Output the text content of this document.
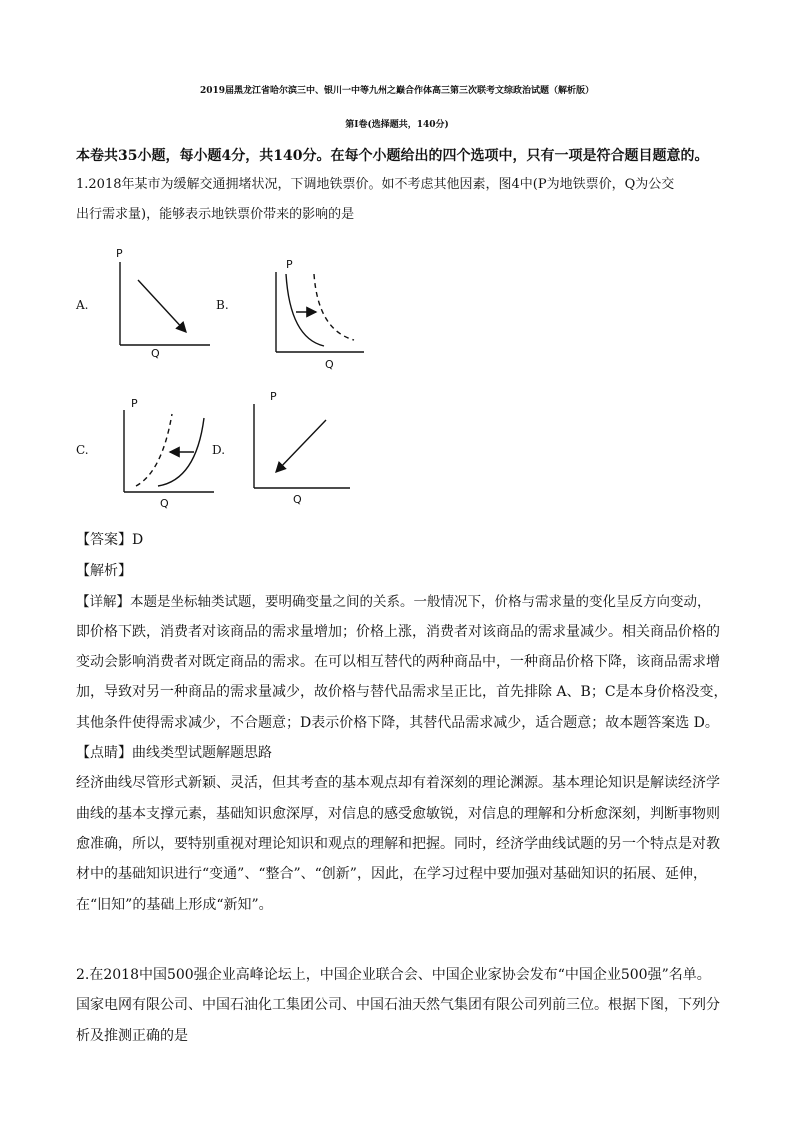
2019届黑龙江省哈尔滨三中、银川一中等九州之巅合作体高三第三次联考文综政治试题（解析版）
第Ⅰ卷(选择题共，140分)
本卷共35小题，每小题4分，共140分。在每个小题给出的四个选项中，只有一项是符合题目题意的。
1.2018年某市为缓解交通拥堵状况，下调地铁票价。如不考虑其他因素，图4中(P为地铁票价，Q为公交
出行需求量)，能够表示地铁票价带来的影响的是
A.
P
Q
B.
P
Q
C.
P
Q
D.
P
Q
【答案】D
【解析】
【详解】本题是坐标轴类试题，要明确变量之间的关系。一般情况下，价格与需求量的变化呈反方向变动，
即价格下跌，消费者对该商品的需求量增加；价格上涨，消费者对该商品的需求量减少。相关商品价格的
变动会影响消费者对既定商品的需求。在可以相互替代的两种商品中，一种商品价格下降，该商品需求增
加，导致对另一种商品的需求量减少，故价格与替代品需求呈正比，首先排除 A、B；C是本身价格没变，
其他条件使得需求减少，不合题意；D表示价格下降，其替代品需求减少，适合题意；故本题答案选 D。
【点睛】曲线类型试题解题思路
经济曲线尽管形式新颖、灵活，但其考查的基本观点却有着深刻的理论渊源。基本理论知识是解读经济学
曲线的基本支撑元素，基础知识愈深厚，对信息的感受愈敏锐，对信息的理解和分析愈深刻，判断事物则
愈准确，所以，要特别重视对理论知识和观点的理解和把握。同时，经济学曲线试题的另一个特点是对教
材中的基础知识进行“变通”、“整合”、“创新”，因此，在学习过程中要加强对基础知识的拓展、延伸，
在“旧知”的基础上形成“新知”。
2.在2018中国500强企业高峰论坛上，中国企业联合会、中国企业家协会发布“中国企业500强”名单。
国家电网有限公司、中国石油化工集团公司、中国石油天然气集团有限公司列前三位。根据下图，下列分
析及推测正确的是
